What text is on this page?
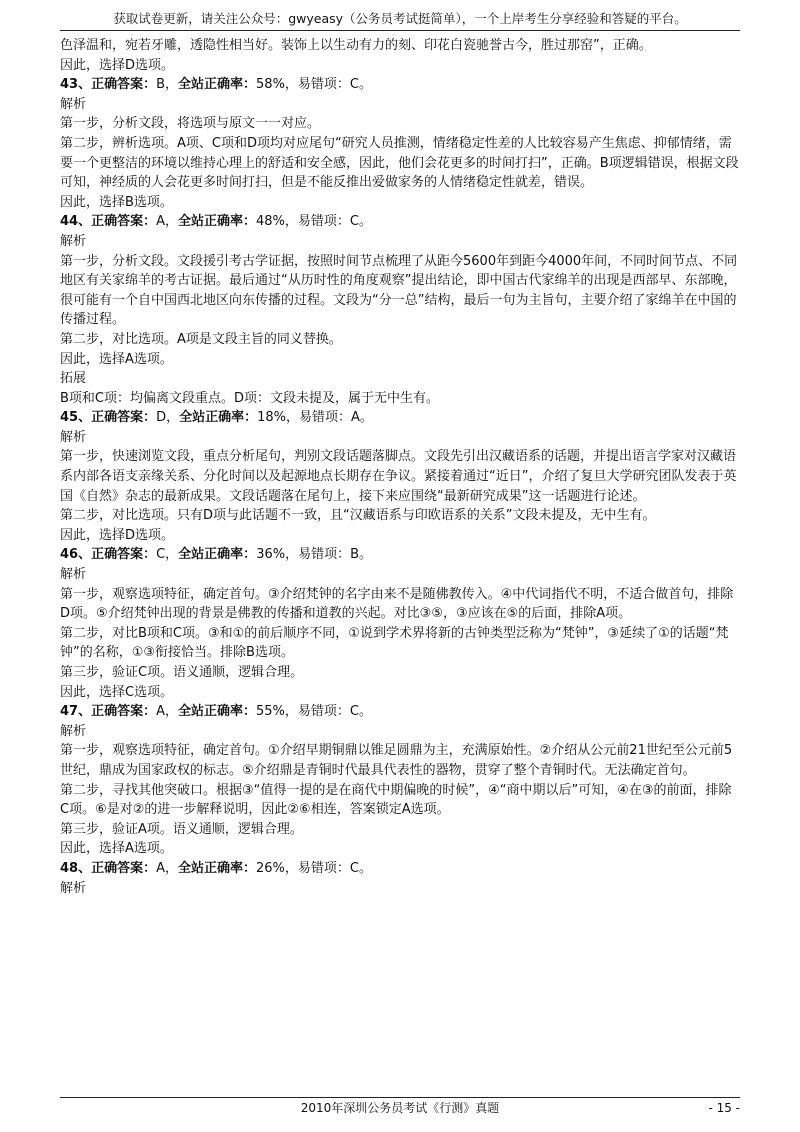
获取试卷更新，请关注公众号：gwyeasy（公务员考试挺简单），一个上岸考生分享经验和答疑的平台。

色泽温和，宛若牙雕，透隐性相当好。装饰上以生动有力的刻、印花白瓷驰誉古今，胜过那窑”，正确。

因此，选择D选项。

43、正确答案：B，全站正确率：58%，易错项：C。

解析

第一步，分析文段，将选项与原文一一对应。

第二步，辨析选项。A项、C项和D项均对应尾句“研究人员推测，情绪稳定性差的人比较容易产生焦虑、抑郁情绪，需要一个更整洁的环境以维持心理上的舒适和安全感，因此，他们会花更多的时间打扫”，正确。B项逻辑错误，根据文段可知，神经质的人会花更多时间打扫，但是不能反推出爱做家务的人情绪稳定性就差，错误。

因此，选择B选项。

44、正确答案：A，全站正确率：48%，易错项：C。

解析

第一步，分析文段。文段援引考古学证据，按照时间节点梳理了从距今5600年到距今4000年间，不同时间节点、不同地区有关家绵羊的考古证据。最后通过“从历时性的角度观察”提出结论，即中国古代家绵羊的出现是西部早、东部晚，很可能有一个自中国西北地区向东传播的过程。文段为“分一总”结构，最后一句为主旨句，主要介绍了家绵羊在中国的传播过程。

第二步，对比选项。A项是文段主旨的同义替换。

因此，选择A选项。

拓展

B项和C项：均偏离文段重点。D项：文段未提及，属于无中生有。

45、正确答案：D，全站正确率：18%，易错项：A。

解析

第一步，快速浏览文段，重点分析尾句，判别文段话题落脚点。文段先引出汉藏语系的话题，并提出语言学家对汉藏语系内部各语支亲缘关系、分化时间以及起源地点长期存在争议。紧接着通过“近日”，介绍了复旦大学研究团队发表于英国《自然》杂志的最新成果。文段话题落在尾句上，接下来应围绕“最新研究成果”这一话题进行论述。

第二步，对比选项。只有D项与此话题不一致，且“汉藏语系与印欧语系的关系”文段未提及，无中生有。

因此，选择D选项。

46、正确答案：C，全站正确率：36%，易错项：B。

解析

第一步，观察选项特征，确定首句。③介绍梵钟的名字由来不是随佛教传入。④中代词指代不明，不适合做首句，排除D项。⑤介绍梵钟出现的背景是佛教的传播和道教的兴起。对比③⑤，③应该在⑤的后面，排除A项。

第二步，对比B项和C项。③和①的前后顺序不同，①说到学术界将新的古钟类型泛称为“梵钟”，③延续了①的话题“梵钟”的名称，①③衔接恰当。排除B选项。

第三步，验证C项。语义通顺，逻辑合理。

因此，选择C选项。

47、正确答案：A，全站正确率：55%，易错项：C。

解析

第一步，观察选项特征，确定首句。①介绍早期铜鼎以锥足圆鼎为主，充满原始性。②介绍从公元前21世纪至公元前5世纪，鼎成为国家政权的标志。⑤介绍鼎是青铜时代最具代表性的器物，贯穿了整个青铜时代。无法确定首句。

第二步，寻找其他突破口。根据③“值得一提的是在商代中期偏晚的时候”，④“商中期以后”可知，④在③的前面，排除C项。⑥是对②的进一步解释说明，因此②⑥相连，答案锁定A选项。

第三步，验证A项。语义通顺，逻辑合理。

因此，选择A选项。

48、正确答案：A，全站正确率：26%，易错项：C。

解析

2010年深圳公务员考试《行测》真题	- 15 -
